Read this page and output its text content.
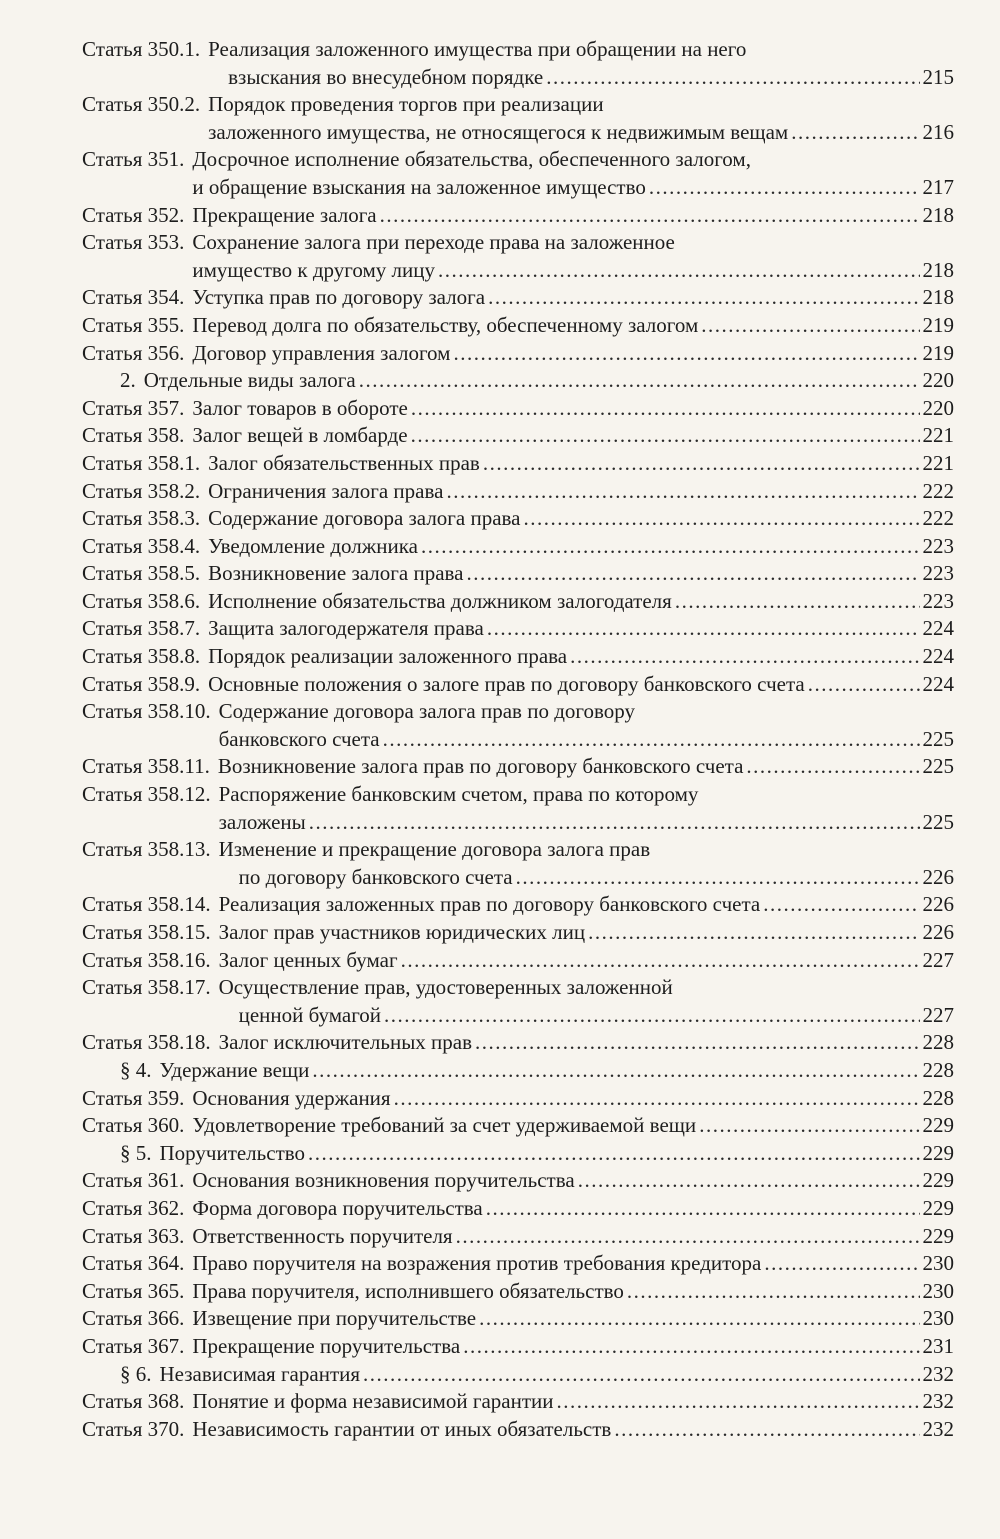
Статья 350.1. Реализация заложенного имущества при обращении на него
взыскания во внесудебном порядке .....	215
Статья 350.2. Порядок проведения торгов при реализации
заложенного имущества, не относящегося к недвижимым вещам .....	216
Статья 351. Досрочное исполнение обязательства, обеспеченного залогом,
и обращение взыскания на заложенное имущество .....	217
Статья 352. Прекращение залога .....	218
Статья 353. Сохранение залога при переходе права на заложенное
имущество к другому лицу .....	218
Статья 354. Уступка прав по договору залога .....	218
Статья 355. Перевод долга по обязательству, обеспеченному залогом .....	219
Статья 356. Договор управления залогом .....	219
2. Отдельные виды залога .....	220
Статья 357. Залог товаров в обороте .....	220
Статья 358. Залог вещей в ломбарде .....	221
Статья 358.1. Залог обязательственных прав .....	221
Статья 358.2. Ограничения залога права .....	222
Статья 358.3. Содержание договора залога права .....	222
Статья 358.4. Уведомление должника .....	223
Статья 358.5. Возникновение залога права .....	223
Статья 358.6. Исполнение обязательства должником залогодателя .....	223
Статья 358.7. Защита залогодержателя права .....	224
Статья 358.8. Порядок реализации заложенного права .....	224
Статья 358.9. Основные положения о залоге прав по договору банковского счета .....	224
Статья 358.10. Содержание договора залога прав по договору
банковского счета .....	225
Статья 358.11. Возникновение залога прав по договору банковского счета .....	225
Статья 358.12. Распоряжение банковским счетом, права по которому
заложены .....	225
Статья 358.13. Изменение и прекращение договора залога прав
по договору банковского счета .....	226
Статья 358.14. Реализация заложенных прав по договору банковского счета .....	226
Статья 358.15. Залог прав участников юридических лиц .....	226
Статья 358.16. Залог ценных бумаг .....	227
Статья 358.17. Осуществление прав, удостоверенных заложенной
ценной бумагой .....	227
Статья 358.18. Залог исключительных прав .....	228
§ 4. Удержание вещи .....	228
Статья 359. Основания удержания .....	228
Статья 360. Удовлетворение требований за счет удерживаемой вещи .....	229
§ 5. Поручительство .....	229
Статья 361. Основания возникновения поручительства .....	229
Статья 362. Форма договора поручительства .....	229
Статья 363. Ответственность поручителя .....	229
Статья 364. Право поручителя на возражения против требования кредитора .....	230
Статья 365. Права поручителя, исполнившего обязательство .....	230
Статья 366. Извещение при поручительстве .....	230
Статья 367. Прекращение поручительства .....	231
§ 6. Независимая гарантия .....	232
Статья 368. Понятие и форма независимой гарантии .....	232
Статья 370. Независимость гарантии от иных обязательств .....	232
